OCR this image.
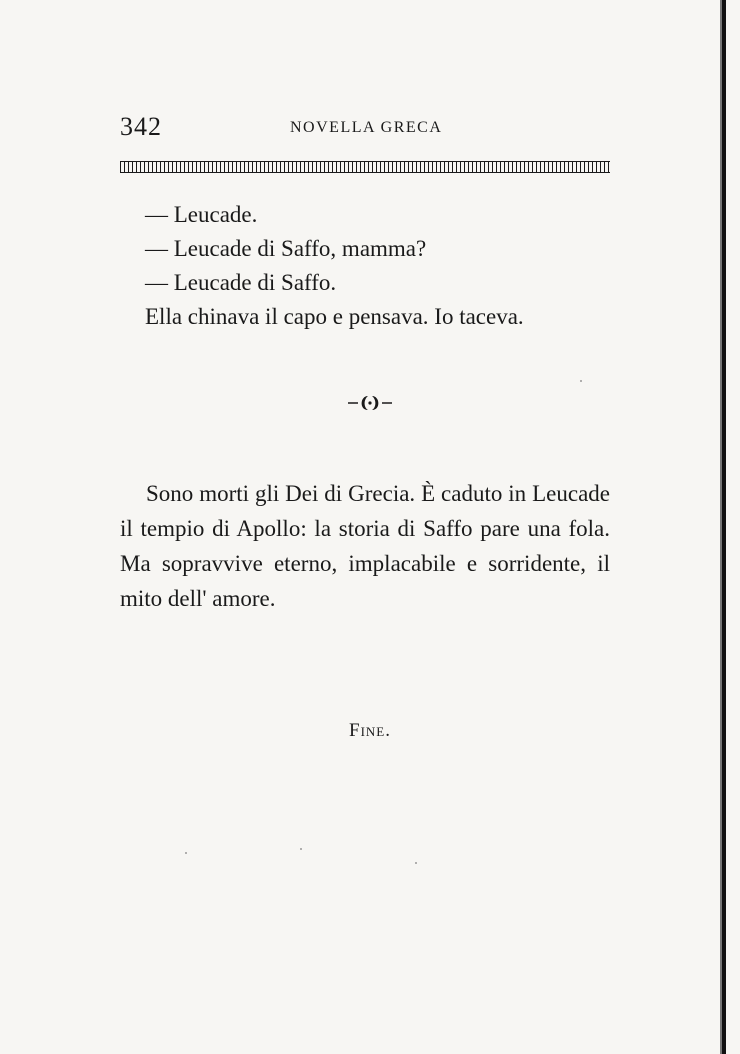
342	NOVELLA GRECA

— Leucade.

— Leucade di Saffo, mamma?

— Leucade di Saffo.

Ella chinava il capo e pensava. Io taceva.

Sono morti gli Dei di Grecia. È caduto in Leucade il tempio di Apollo: la storia di Saffo pare una fola. Ma sopravvive eterno, implacabile e sorridente, il mito dell' amore.

Fine.
